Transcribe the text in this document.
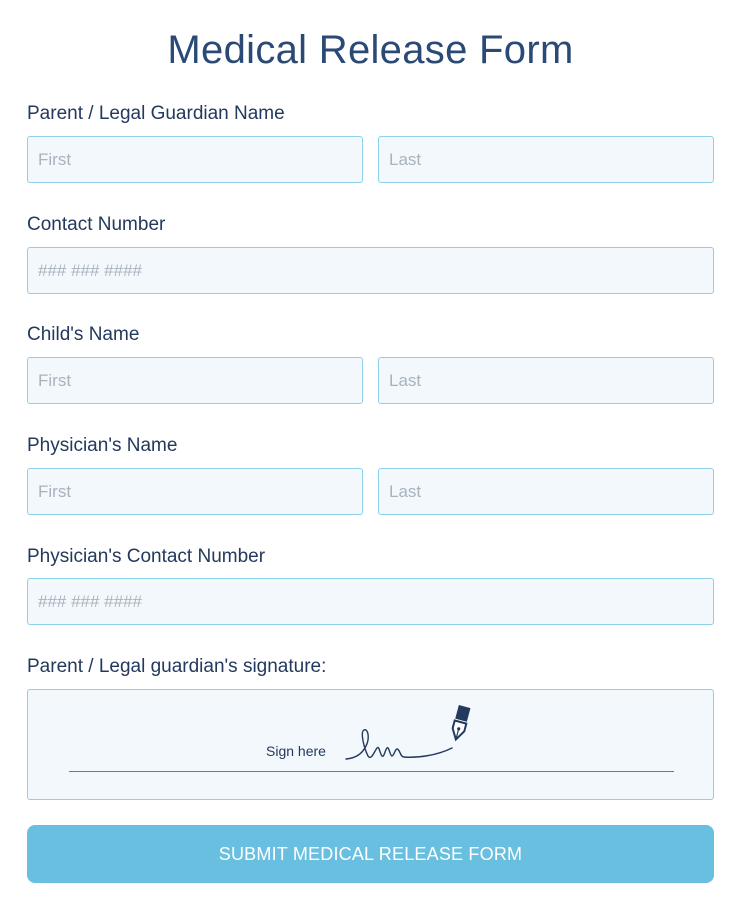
Medical Release Form
Parent / Legal Guardian Name
First
Last
Contact Number
### ### ####
Child's Name
First
Last
Physician's Name
First
Last
Physician's Contact Number
### ### ####
Parent / Legal guardian's signature:
Sign here
SUBMIT MEDICAL RELEASE FORM
